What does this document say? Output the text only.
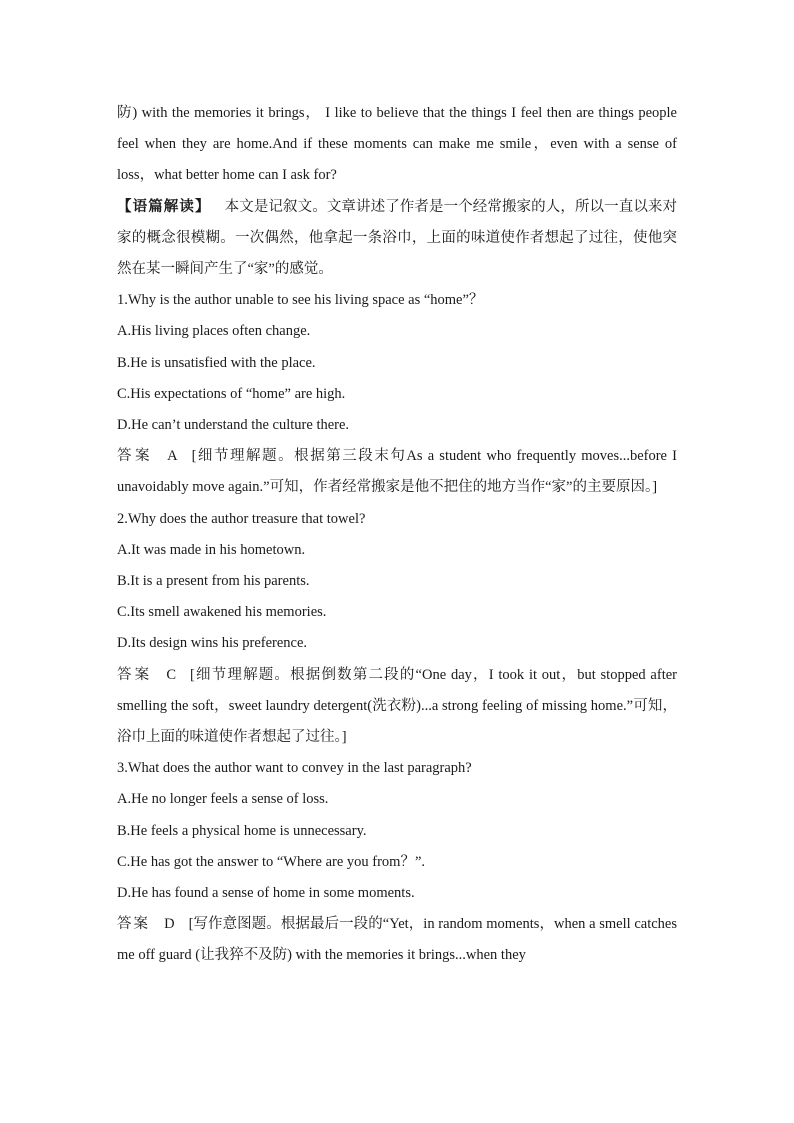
防) with the memories it brings， I like to believe that the things I feel then are things people feel when they are home.And if these moments can make me smile，even with a sense of loss，what better home can I ask for?

【语篇解读】 本文是记叙文。文章讲述了作者是一个经常搬家的人，所以一直以来对家的概念很模糊。一次偶然，他拿起一条浴巾，上面的味道使作者想起了过往，使他突然在某一瞬间产生了“家”的感觉。

1.Why is the author unable to see his living space as “home”？

A.His living places often change.

B.He is unsatisfied with the place.

C.His expectations of “home” are high.

D.He can’t understand the culture there.

答案 A [细节理解题。根据第三段末句As a student who frequently moves...before I unavoidably move again.”可知，作者经常搬家是他不把住的地方当作“家”的主要原因。]

2.Why does the author treasure that towel?

A.It was made in his hometown.

B.It is a present from his parents.

C.Its smell awakened his memories.

D.Its design wins his preference.

答案 C [细节理解题。根据倒数第二段的“One day，I took it out，but stopped after smelling the soft，sweet laundry detergent(洗衣粉)...a strong feeling of missing home.”可知，浴巾上面的味道使作者想起了过往。]

3.What does the author want to convey in the last paragraph?

A.He no longer feels a sense of loss.

B.He feels a physical home is unnecessary.

C.He has got the answer to “Where are you from？”.

D.He has found a sense of home in some moments.

答案 D [写作意图题。根据最后一段的“Yet，in random moments，when a smell catches me off guard (让我猝不及防) with the memories it brings...when they
